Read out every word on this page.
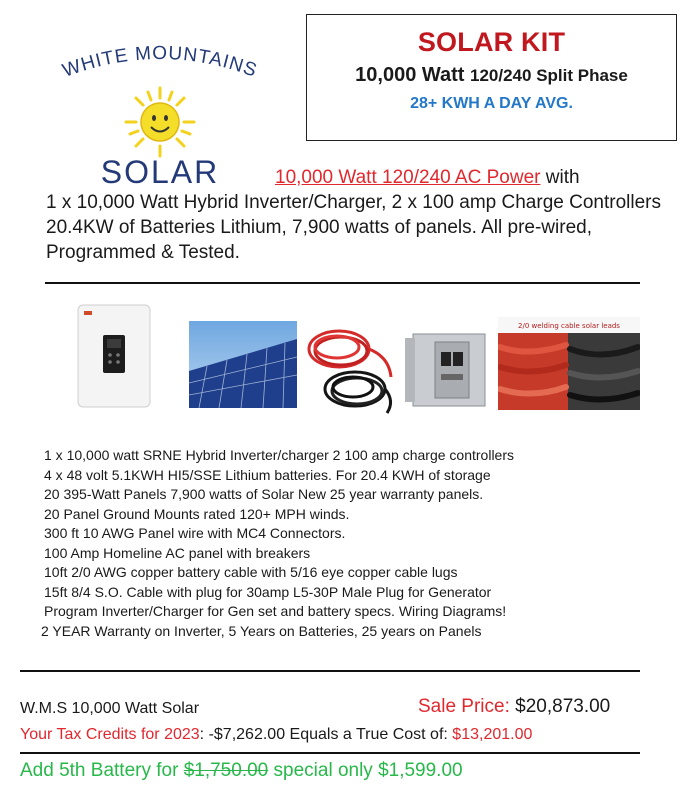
WHITE MOUNTAINS
SOLAR
SOLAR KIT
10,000 Watt 120/240 Split Phase
28+ KWH A DAY AVG.
10,000 Watt 120/240 AC Power with
1 x 10,000 Watt Hybrid Inverter/Charger, 2 x 100 amp Charge Controllers 20.4KW of Batteries Lithium, 7,900 watts of panels. All pre-wired, Programmed & Tested.
2/0 welding cable solar leads
1 x 10,000 watt SRNE Hybrid Inverter/charger 2 100 amp charge controllers
4 x 48 volt 5.1KWH HI5/SSE Lithium batteries. For 20.4 KWH of storage
20 395-Watt Panels 7,900 watts of Solar New 25 year warranty panels.
20 Panel Ground Mounts rated 120+ MPH winds.
300 ft 10 AWG Panel wire with MC4 Connectors.
100 Amp Homeline AC panel with breakers
10ft 2/0 AWG copper battery cable with 5/16 eye copper cable lugs
15ft 8/4 S.O. Cable with plug for 30amp L5-30P Male Plug for Generator
Program Inverter/Charger for Gen set and battery specs. Wiring Diagrams!
2 YEAR Warranty on Inverter, 5 Years on Batteries, 25 years on Panels
W.M.S 10,000 Watt Solar	Sale Price: $20,873.00
Your Tax Credits for 2023: -$7,262.00 Equals a True Cost of: $13,201.00
Add 5th Battery for $1,750.00 special only $1,599.00
